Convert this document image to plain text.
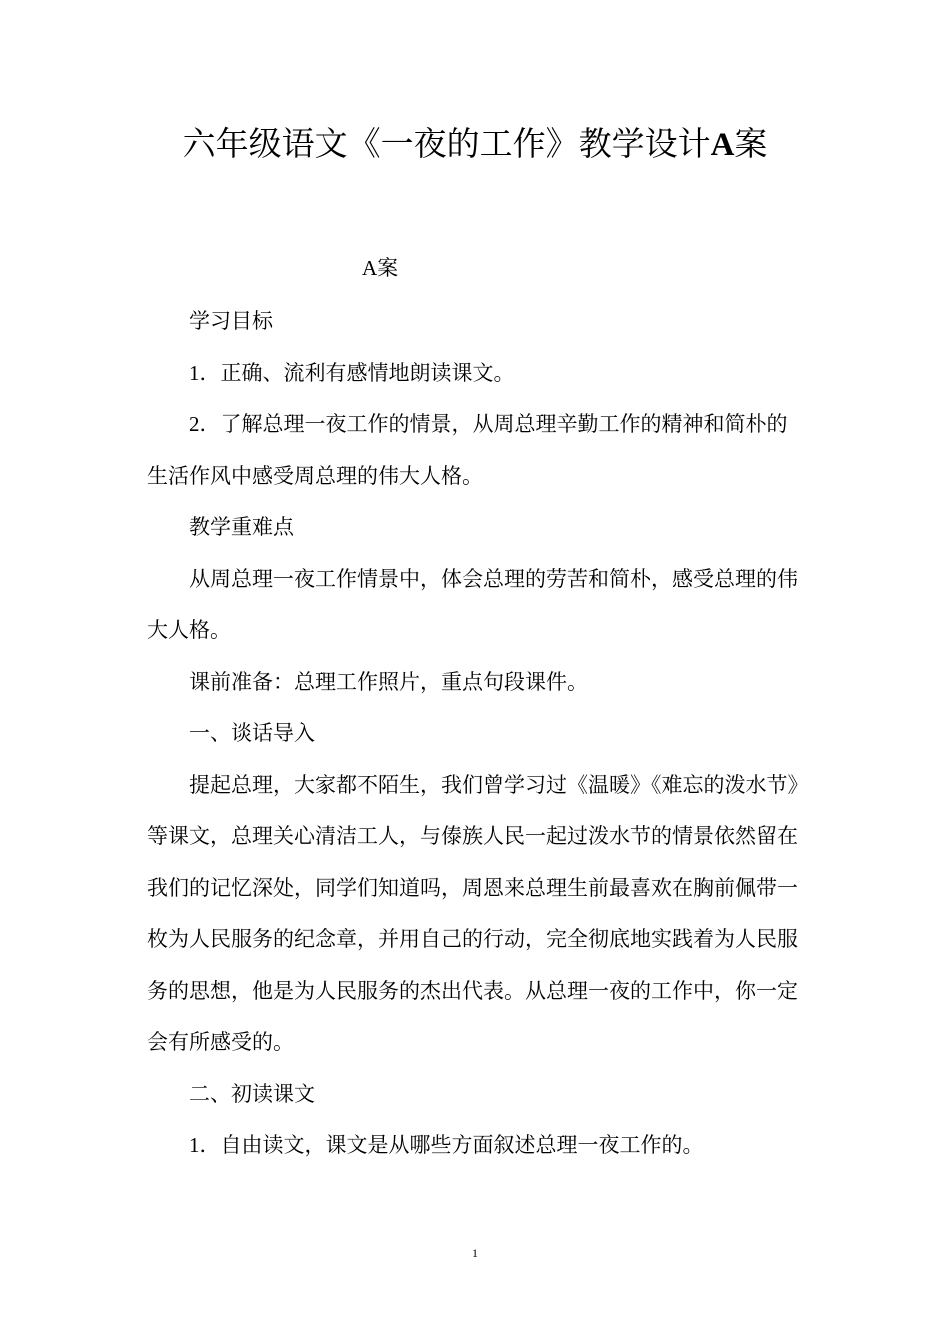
六年级语文《一夜的工作》教学设计A案
A案

学习目标

1．正确、流利有感情地朗读课文。

2．了解总理一夜工作的情景，从周总理辛勤工作的精神和简朴的生活作风中感受周总理的伟大人格。

教学重难点

从周总理一夜工作情景中，体会总理的劳苦和简朴，感受总理的伟大人格。

课前准备：总理工作照片，重点句段课件。

一、谈话导入

提起总理，大家都不陌生，我们曾学习过《温暖》《难忘的泼水节》等课文，总理关心清洁工人，与傣族人民一起过泼水节的情景依然留在我们的记忆深处，同学们知道吗，周恩来总理生前最喜欢在胸前佩带一枚为人民服务的纪念章，并用自己的行动，完全彻底地实践着为人民服务的思想，他是为人民服务的杰出代表。从总理一夜的工作中，你一定会有所感受的。

二、初读课文

1．自由读文，课文是从哪些方面叙述总理一夜工作的。

1
